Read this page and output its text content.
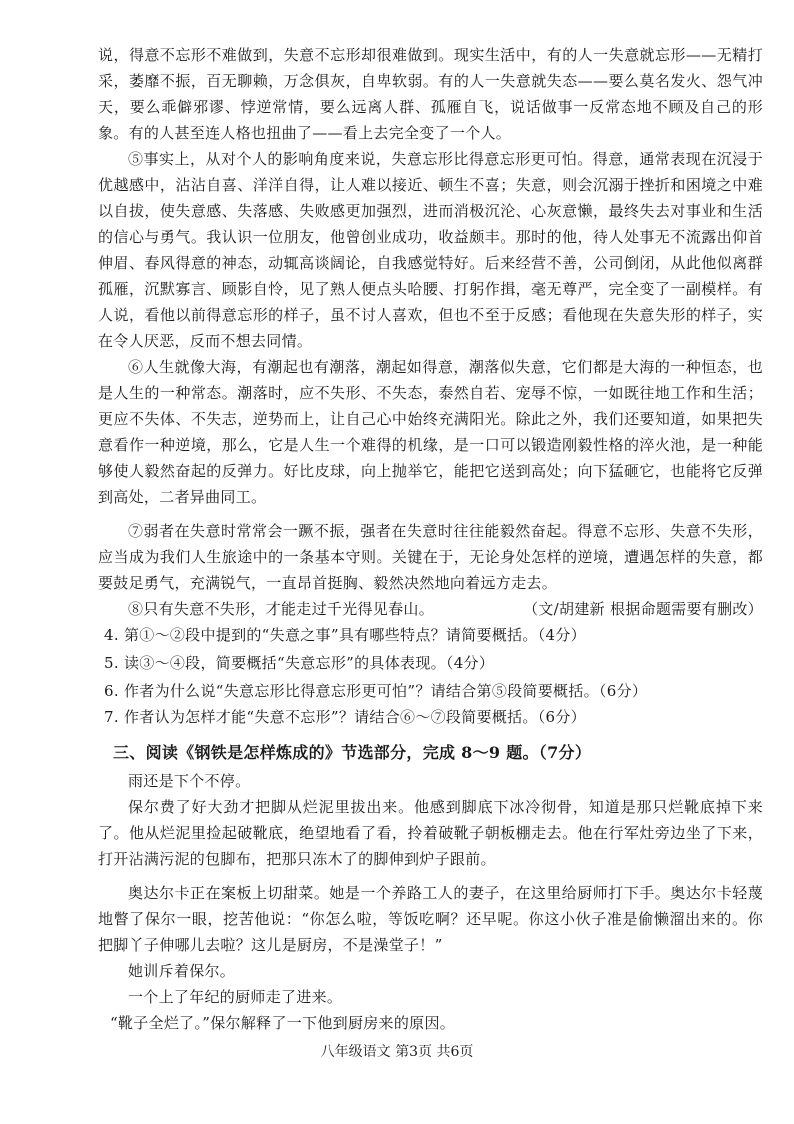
说，得意不忘形不难做到，失意不忘形却很难做到。现实生活中，有的人一失意就忘形——无精打采，萎靡不振，百无聊赖，万念俱灰，自卑软弱。有的人一失意就失态——要么莫名发火、怨气冲天，要么乖僻邪谬、悖逆常情，要么远离人群、孤雁自飞，说话做事一反常态地不顾及自己的形象。有的人甚至连人格也扭曲了——看上去完全变了一个人。

⑤事实上，从对个人的影响角度来说，失意忘形比得意忘形更可怕。得意，通常表现在沉浸于优越感中，沾沾自喜、洋洋自得，让人难以接近、顿生不喜；失意，则会沉溺于挫折和困境之中难以自拔，使失意感、失落感、失败感更加强烈，进而消极沉沦、心灰意懒，最终失去对事业和生活的信心与勇气。我认识一位朋友，他曾创业成功，收益颇丰。那时的他，待人处事无不流露出仰首伸眉、春风得意的神态，动辄高谈阔论，自我感觉特好。后来经营不善，公司倒闭，从此他似离群孤雁，沉默寡言、顾影自怜，见了熟人便点头哈腰、打躬作揖，毫无尊严，完全变了一副模样。有人说，看他以前得意忘形的样子，虽不讨人喜欢，但也不至于反感；看他现在失意失形的样子，实在令人厌恶，反而不想去同情。

⑥人生就像大海，有潮起也有潮落，潮起如得意，潮落似失意，它们都是大海的一种恒态，也是人生的一种常态。潮落时，应不失形、不失态，泰然自若、宠辱不惊，一如既往地工作和生活；更应不失体、不失志，逆势而上，让自己心中始终充满阳光。除此之外，我们还要知道，如果把失意看作一种逆境，那么，它是人生一个难得的机缘，是一口可以锻造刚毅性格的淬火池，是一种能够使人毅然奋起的反弹力。好比皮球，向上抛举它，能把它送到高处；向下猛砸它，也能将它反弹到高处，二者异曲同工。

⑦弱者在失意时常常会一蹶不振，强者在失意时往往能毅然奋起。得意不忘形、失意不失形，应当成为我们人生旅途中的一条基本守则。关键在于，无论身处怎样的逆境，遭遇怎样的失意，都要鼓足勇气，充满锐气，一直昂首挺胸、毅然决然地向着远方走去。

⑧只有失意不失形，才能走过千光得见春山。	（文/胡建新 根据命题需要有删改）

4. 第①～②段中提到的“失意之事”具有哪些特点？请简要概括。（4分）

5. 读③～④段，简要概括“失意忘形”的具体表现。（4分）

6. 作者为什么说“失意忘形比得意忘形更可怕”？请结合第⑤段简要概括。（6分）

7. 作者认为怎样才能“失意不忘形”？请结合⑥～⑦段简要概括。（6分）

三、阅读《钢铁是怎样炼成的》节选部分，完成 8～9 题。（7分）

雨还是下个不停。

保尔费了好大劲才把脚从烂泥里拔出来。他感到脚底下冰冷彻骨，知道是那只烂靴底掉下来了。他从烂泥里捡起破靴底，绝望地看了看，拎着破靴子朝板棚走去。他在行军灶旁边坐了下来，打开沾满污泥的包脚布，把那只冻木了的脚伸到炉子跟前。

奥达尔卡正在案板上切甜菜。她是一个养路工人的妻子，在这里给厨师打下手。奥达尔卡轻蔑地瞥了保尔一眼，挖苦他说：“你怎么啦，等饭吃啊？还早呢。你这小伙子准是偷懒溜出来的。你把脚丫子伸哪儿去啦？这儿是厨房，不是澡堂子！”

她训斥着保尔。

一个上了年纪的厨师走了进来。

“靴子全烂了。”保尔解释了一下他到厨房来的原因。

八年级语文 第3页 共6页
